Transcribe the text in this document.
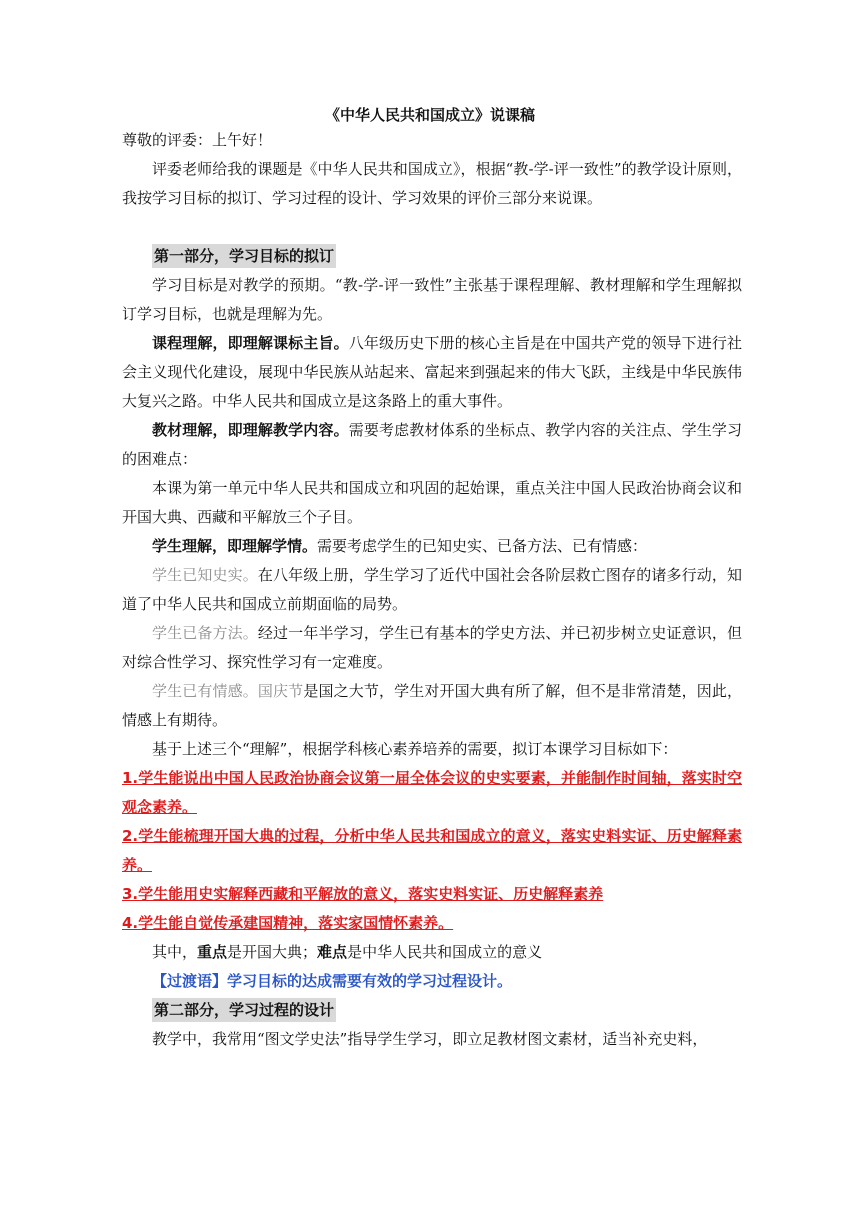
《中华人民共和国成立》说课稿

尊敬的评委：上午好！

评委老师给我的课题是《中华人民共和国成立》，根据“教-学-评一致性”的教学设计原则，我按学习目标的拟订、学习过程的设计、学习效果的评价三部分来说课。

第一部分，学习目标的拟订

学习目标是对教学的预期。“教-学-评一致性”主张基于课程理解、教材理解和学生理解拟订学习目标，也就是理解为先。

课程理解，即理解课标主旨。八年级历史下册的核心主旨是在中国共产党的领导下进行社会主义现代化建设，展现中华民族从站起来、富起来到强起来的伟大飞跃，主线是中华民族伟大复兴之路。中华人民共和国成立是这条路上的重大事件。

教材理解，即理解教学内容。需要考虑教材体系的坐标点、教学内容的关注点、学生学习的困难点：

本课为第一单元中华人民共和国成立和巩固的起始课，重点关注中国人民政治协商会议和开国大典、西藏和平解放三个子目。

学生理解，即理解学情。需要考虑学生的已知史实、已备方法、已有情感：

学生已知史实。在八年级上册，学生学习了近代中国社会各阶层救亡图存的诸多行动，知道了中华人民共和国成立前期面临的局势。

学生已备方法。经过一年半学习，学生已有基本的学史方法、并已初步树立史证意识，但对综合性学习、探究性学习有一定难度。

学生已有情感。国庆节是国之大节，学生对开国大典有所了解，但不是非常清楚，因此，情感上有期待。

基于上述三个“理解”，根据学科核心素养培养的需要，拟订本课学习目标如下：

1.学生能说出中国人民政治协商会议第一届全体会议的史实要素，并能制作时间轴，落实时空观念素养。

2.学生能梳理开国大典的过程，分析中华人民共和国成立的意义，落实史料实证、历史解释素养。

3.学生能用史实解释西藏和平解放的意义，落实史料实证、历史解释素养

4.学生能自觉传承建国精神，落实家国情怀素养。

其中，重点是开国大典；难点是中华人民共和国成立的意义

【过渡语】学习目标的达成需要有效的学习过程设计。

第二部分，学习过程的设计

教学中，我常用“图文学史法”指导学生学习，即立足教材图文素材，适当补充史料，
